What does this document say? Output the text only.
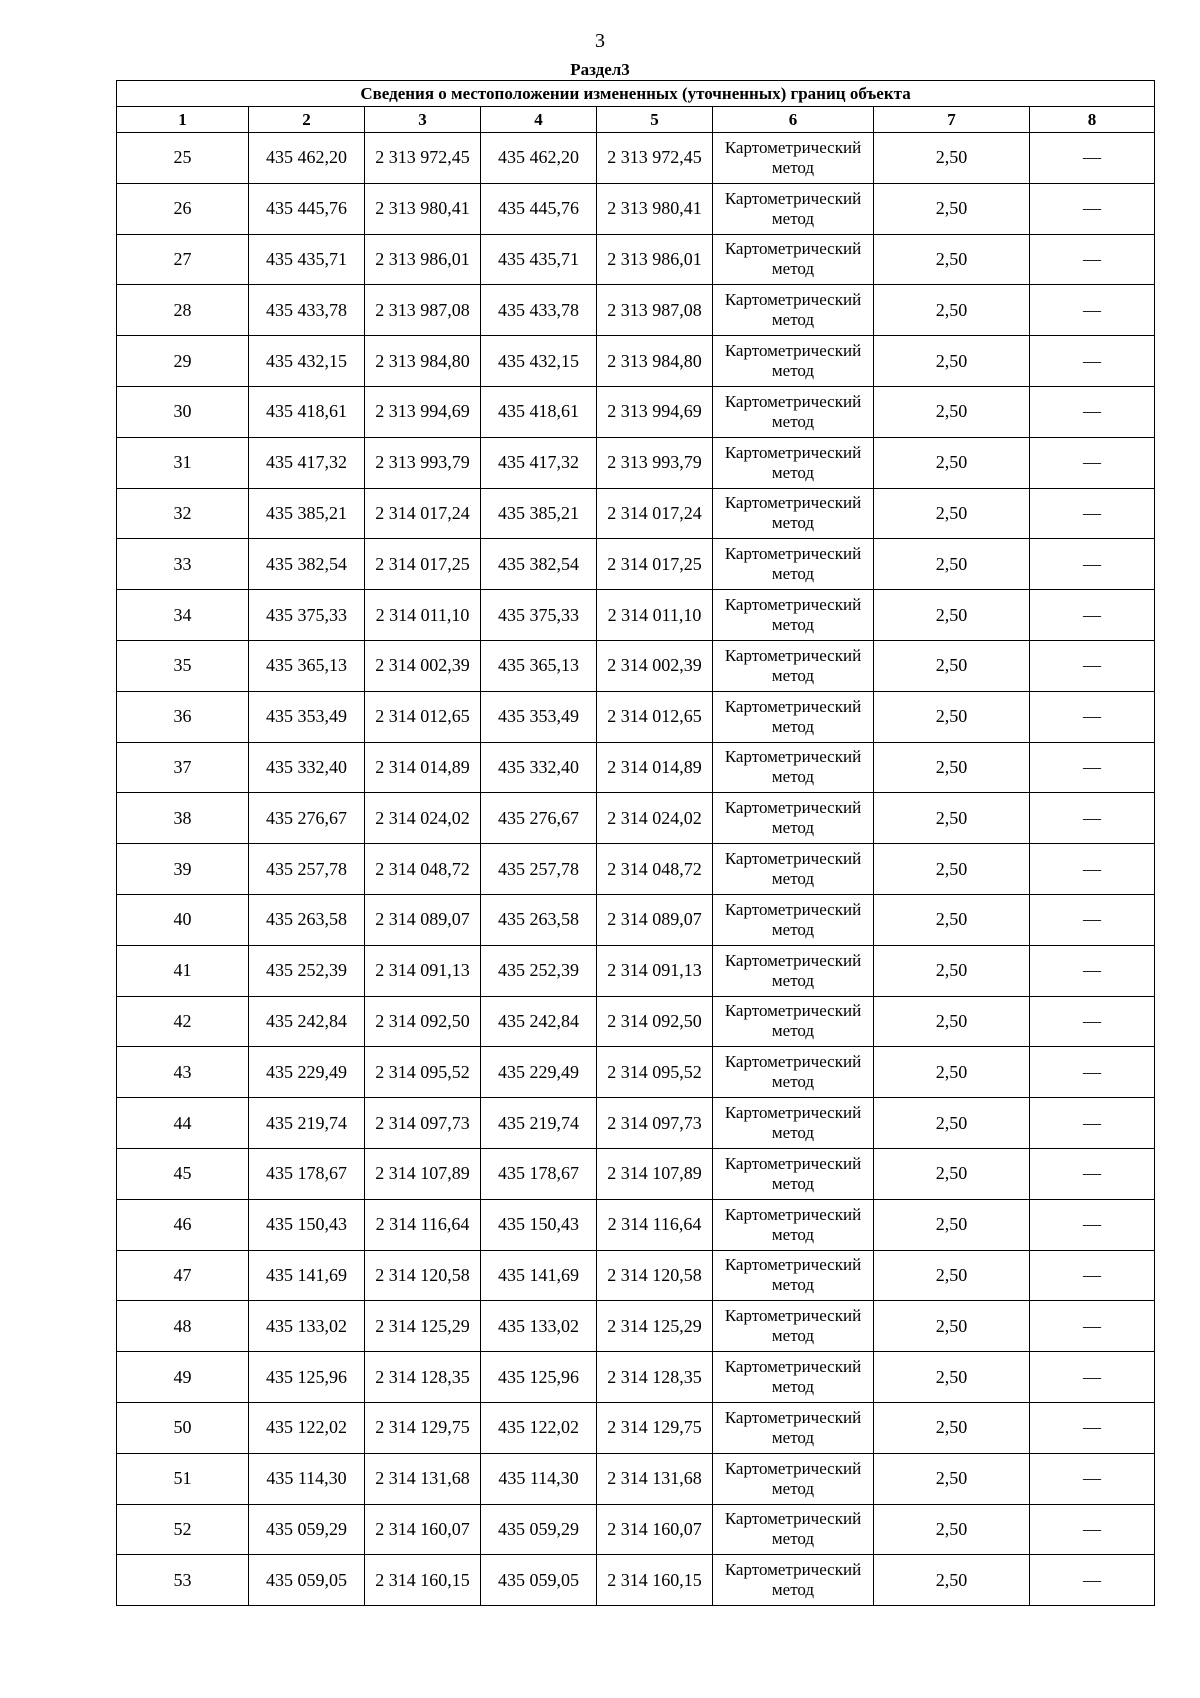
3
Раздел3
Сведения о местоположении измененных (уточненных) границ объекта							
1	2	3	4	5	6	7	8
25	435 462,20	2 313 972,45	435 462,20	2 313 972,45	Картометрический метод	2,50	—
26	435 445,76	2 313 980,41	435 445,76	2 313 980,41	Картометрический метод	2,50	—
27	435 435,71	2 313 986,01	435 435,71	2 313 986,01	Картометрический метод	2,50	—
28	435 433,78	2 313 987,08	435 433,78	2 313 987,08	Картометрический метод	2,50	—
29	435 432,15	2 313 984,80	435 432,15	2 313 984,80	Картометрический метод	2,50	—
30	435 418,61	2 313 994,69	435 418,61	2 313 994,69	Картометрический метод	2,50	—
31	435 417,32	2 313 993,79	435 417,32	2 313 993,79	Картометрический метод	2,50	—
32	435 385,21	2 314 017,24	435 385,21	2 314 017,24	Картометрический метод	2,50	—
33	435 382,54	2 314 017,25	435 382,54	2 314 017,25	Картометрический метод	2,50	—
34	435 375,33	2 314 011,10	435 375,33	2 314 011,10	Картометрический метод	2,50	—
35	435 365,13	2 314 002,39	435 365,13	2 314 002,39	Картометрический метод	2,50	—
36	435 353,49	2 314 012,65	435 353,49	2 314 012,65	Картометрический метод	2,50	—
37	435 332,40	2 314 014,89	435 332,40	2 314 014,89	Картометрический метод	2,50	—
38	435 276,67	2 314 024,02	435 276,67	2 314 024,02	Картометрический метод	2,50	—
39	435 257,78	2 314 048,72	435 257,78	2 314 048,72	Картометрический метод	2,50	—
40	435 263,58	2 314 089,07	435 263,58	2 314 089,07	Картометрический метод	2,50	—
41	435 252,39	2 314 091,13	435 252,39	2 314 091,13	Картометрический метод	2,50	—
42	435 242,84	2 314 092,50	435 242,84	2 314 092,50	Картометрический метод	2,50	—
43	435 229,49	2 314 095,52	435 229,49	2 314 095,52	Картометрический метод	2,50	—
44	435 219,74	2 314 097,73	435 219,74	2 314 097,73	Картометрический метод	2,50	—
45	435 178,67	2 314 107,89	435 178,67	2 314 107,89	Картометрический метод	2,50	—
46	435 150,43	2 314 116,64	435 150,43	2 314 116,64	Картометрический метод	2,50	—
47	435 141,69	2 314 120,58	435 141,69	2 314 120,58	Картометрический метод	2,50	—
48	435 133,02	2 314 125,29	435 133,02	2 314 125,29	Картометрический метод	2,50	—
49	435 125,96	2 314 128,35	435 125,96	2 314 128,35	Картометрический метод	2,50	—
50	435 122,02	2 314 129,75	435 122,02	2 314 129,75	Картометрический метод	2,50	—
51	435 114,30	2 314 131,68	435 114,30	2 314 131,68	Картометрический метод	2,50	—
52	435 059,29	2 314 160,07	435 059,29	2 314 160,07	Картометрический метод	2,50	—
53	435 059,05	2 314 160,15	435 059,05	2 314 160,15	Картометрический метод	2,50	—
